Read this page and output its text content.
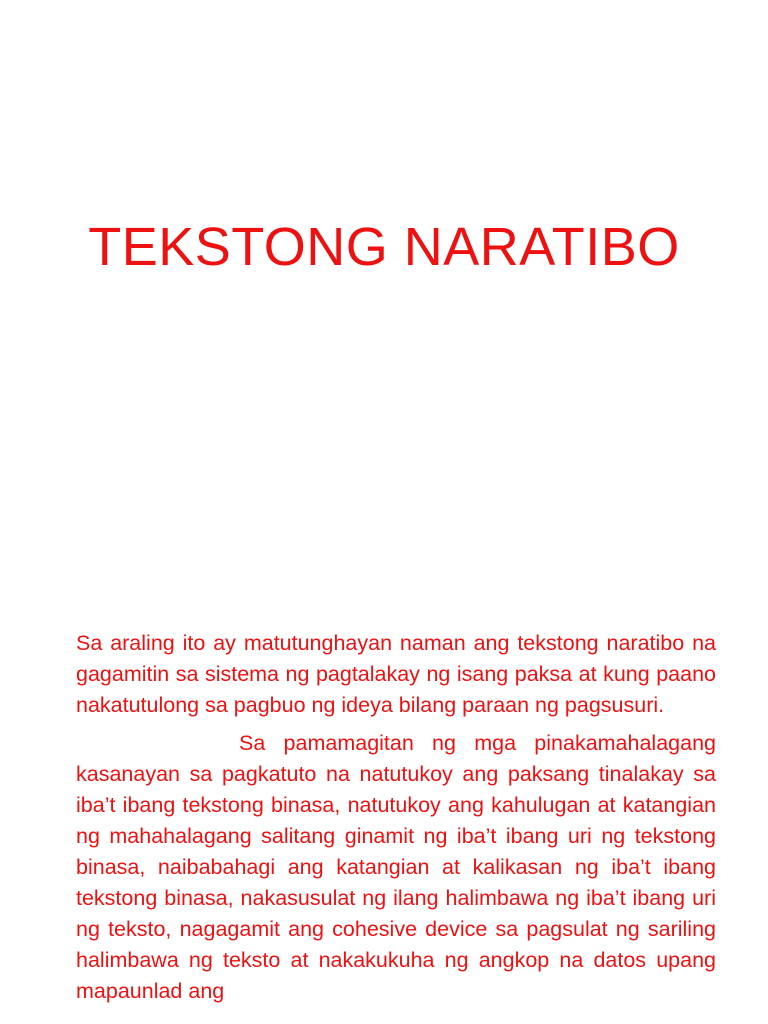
TEKSTONG NARATIBO

Sa araling ito ay matutunghayan naman ang tekstong naratibo na gagamitin sa sistema ng pagtalakay ng isang paksa at kung paano nakatutulong sa pagbuo ng ideya bilang paraan ng pagsusuri.

Sa pamamagitan ng mga pinakamahalagang kasanayan sa pagkatuto na natutukoy ang paksang tinalakay sa iba’t ibang tekstong binasa, natutukoy ang kahulugan at katangian ng mahahalagang salitang ginamit ng iba’t ibang uri ng tekstong binasa, naibabahagi ang katangian at kalikasan ng iba’t ibang tekstong binasa, nakasusulat ng ilang halimbawa ng iba’t ibang uri ng teksto, nagagamit ang cohesive device sa pagsulat ng sariling halimbawa ng teksto at nakakukuha ng angkop na datos upang mapaunlad ang
